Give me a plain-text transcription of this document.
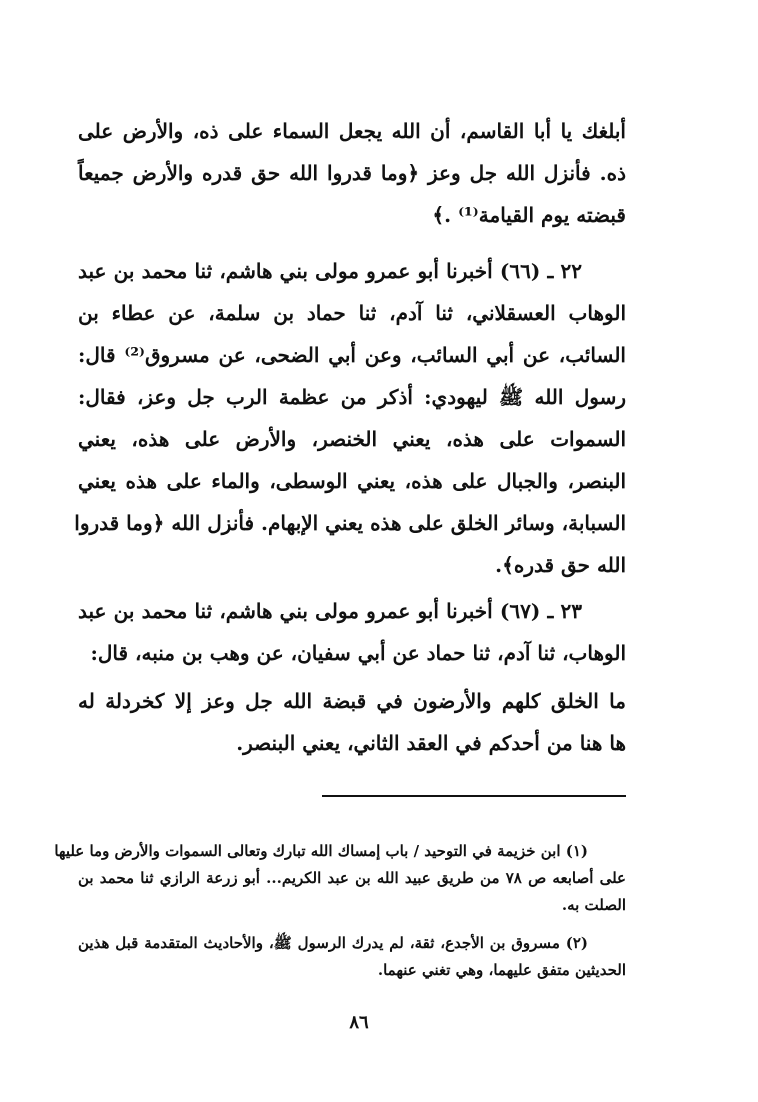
أبلغك يا أبا القاسم، أن الله يجعل السماء على ذه، والأرض على
ذه. فأنزل الله جل وعز ﴿وما قدروا الله حق قدره والأرض جميعاً
قبضته يوم القيامة⁽¹⁾ .﴾
٢٢ ـ (٦٦) أخبرنا أبو عمرو مولى بني هاشم، ثنا محمد بن عبد
الوهاب العسقلاني، ثنا آدم، ثنا حماد بن سلمة، عن عطاء بن
السائب، عن أبي السائب، وعن أبي الضحى، عن مسروق⁽²⁾ قال:
رسول الله ﷺ ليهودي: أذكر من عظمة الرب جل وعز، فقال:
السموات على هذه، يعني الخنصر، والأرض على هذه، يعني
البنصر، والجبال على هذه، يعني الوسطى، والماء على هذه يعني
السبابة، وسائر الخلق على هذه يعني الإبهام. فأنزل الله ﴿وما قدروا
الله حق قدره﴾.
٢٣ ـ (٦٧) أخبرنا أبو عمرو مولى بني هاشم، ثنا محمد بن عبد
الوهاب، ثنا آدم، ثنا حماد عن أبي سفيان، عن وهب بن منبه، قال:
ما الخلق كلهم والأرضون في قبضة الله جل وعز إلا كخردلة له
ها هنا من أحدكم في العقد الثاني، يعني البنصر.
(١) ابن خزيمة في التوحيد / باب إمساك الله تبارك وتعالى السموات والأرض وما عليها
على أصابعه ص ٧٨ من طريق عبيد الله بن عبد الكريم... أبو زرعة الرازي ثنا محمد بن
الصلت به.
(٢) مسروق بن الأجدع، ثقة، لم يدرك الرسول ﷺ، والأحاديث المتقدمة قبل هذين
الحديثين متفق عليهما، وهي تغني عنهما.
٨٦
